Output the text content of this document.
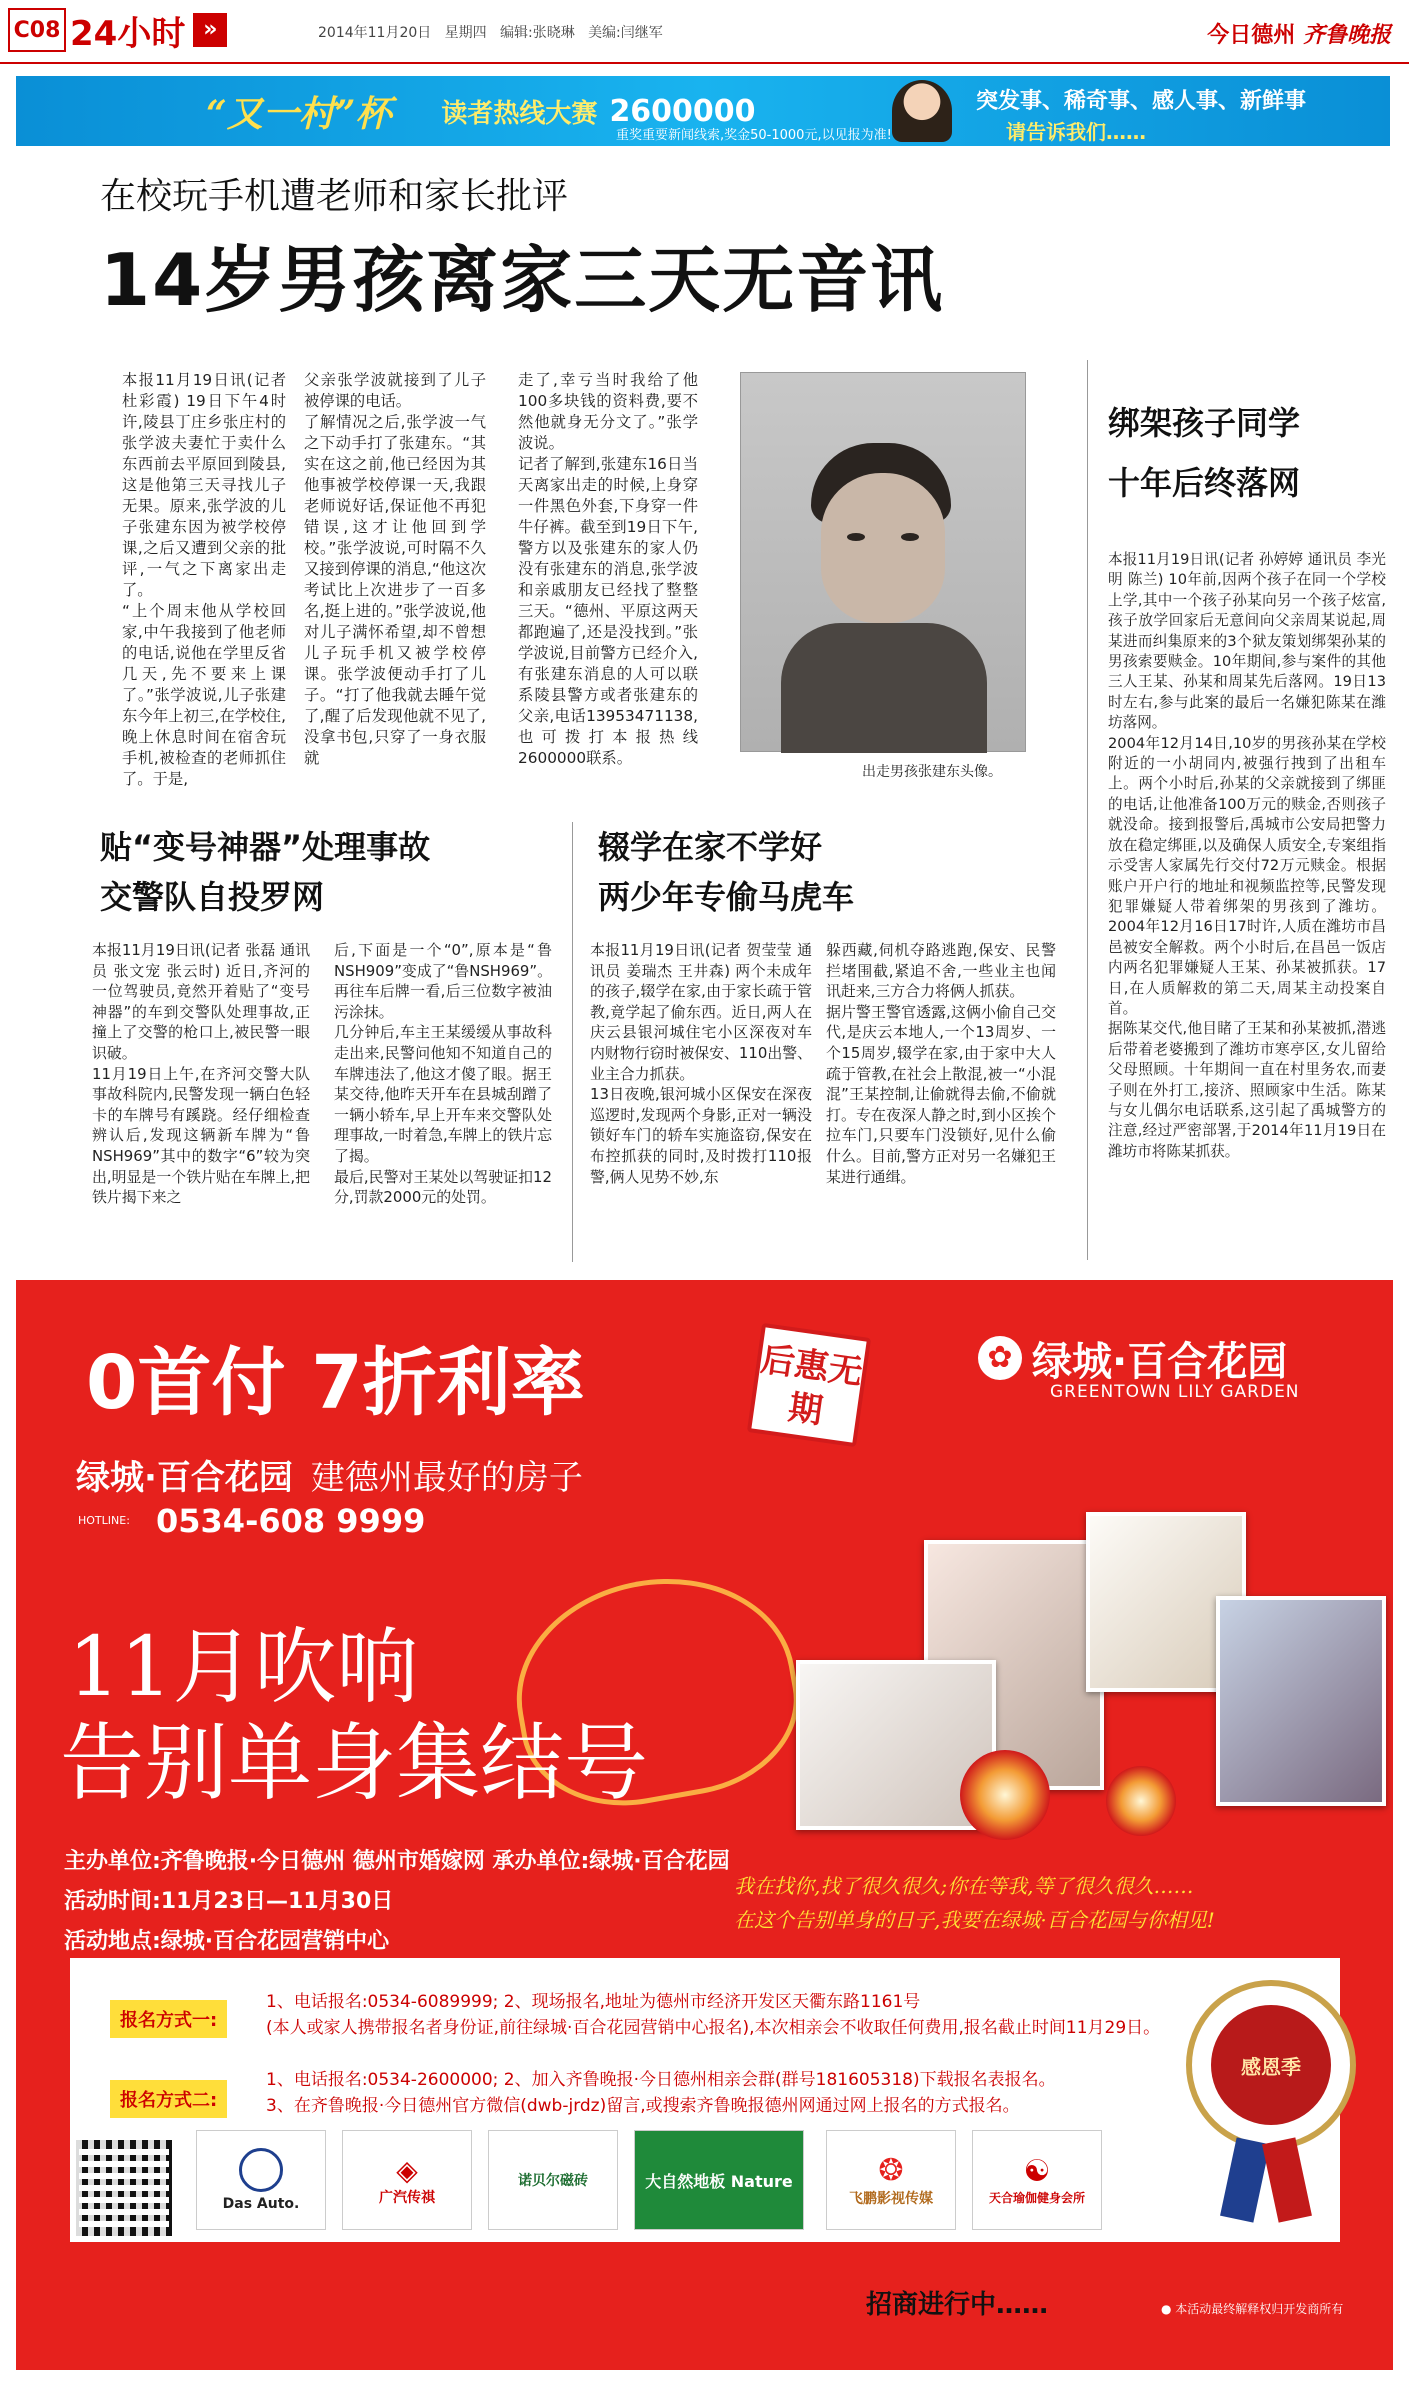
C08 24小时 »	2014年11月20日 星期四 编辑:张晓琳 美编:闫继军	今日德州 齐鲁晚报
“又一村”杯 读者热线大赛 2600000
重奖重要新闻线索,奖金50-1000元,以见报为准!
突发事、稀奇事、感人事、新鲜事
请告诉我们……
在校玩手机遭老师和家长批评
14岁男孩离家三天无音讯
本报11月19日讯(记者 杜彩霞) 19日下午4时许,陵县丁庄乡张庄村的张学波夫妻忙于卖什么东西前去平原回到陵县,这是他第三天寻找儿子无果。原来,张学波的儿子张建东因为被学校停课,之后又遭到父亲的批评,一气之下离家出走了。
“上个周末他从学校回家,中午我接到了他老师的电话,说他在学里反省几天,先不要来上课了。”张学波说,儿子张建东今年上初三,在学校住,晚上休息时间在宿舍玩手机,被检查的老师抓住了。于是,
父亲张学波就接到了儿子被停课的电话。
了解情况之后,张学波一气之下动手打了张建东。“其实在这之前,他已经因为其他事被学校停课一天,我跟老师说好话,保证他不再犯错误,这才让他回到学校。”张学波说,可时隔不久又接到停课的消息,“他这次考试比上次进步了一百多名,挺上进的。”张学波说,他对儿子满怀希望,却不曾想儿子玩手机又被学校停课。张学波便动手打了儿子。“打了他我就去睡午觉了,醒了后发现他就不见了,没拿书包,只穿了一身衣服就
走了,幸亏当时我给了他100多块钱的资料费,要不然他就身无分文了。”张学波说。
记者了解到,张建东16日当天离家出走的时候,上身穿一件黑色外套,下身穿一件牛仔裤。截至到19日下午,警方以及张建东的家人仍没有张建东的消息,张学波和亲戚朋友已经找了整整三天。“德州、平原这两天都跑遍了,还是没找到。”张学波说,目前警方已经介入,有张建东消息的人可以联系陵县警方或者张建东的父亲,电话13953471138,也可拨打本报热线2600000联系。
出走男孩张建东头像。
绑架孩子同学
十年后终落网
本报11月19日讯(记者 孙婷婷 通讯员 李光明 陈兰) 10年前,因两个孩子在同一个学校上学,其中一个孩子孙某向另一个孩子炫富,孩子放学回家后无意间向父亲周某说起,周某进而纠集原来的3个狱友策划绑架孙某的男孩索要赎金。10年期间,参与案件的其他三人王某、孙某和周某先后落网。19日13时左右,参与此案的最后一名嫌犯陈某在潍坊落网。
2004年12月14日,10岁的男孩孙某在学校附近的一小胡同内,被强行拽到了出租车上。两个小时后,孙某的父亲就接到了绑匪的电话,让他准备100万元的赎金,否则孩子就没命。接到报警后,禹城市公安局把警力放在稳定绑匪,以及确保人质安全,专案组指示受害人家属先行交付72万元赎金。根据账户开户行的地址和视频监控等,民警发现犯罪嫌疑人带着绑架的男孩到了潍坊。2004年12月16日17时许,人质在潍坊市昌邑被安全解救。两个小时后,在昌邑一饭店内两名犯罪嫌疑人王某、孙某被抓获。17日,在人质解救的第二天,周某主动投案自首。
据陈某交代,他目睹了王某和孙某被抓,潜逃后带着老婆搬到了潍坊市寒亭区,女儿留给父母照顾。十年期间一直在村里务农,而妻子则在外打工,接济、照顾家中生活。陈某与女儿偶尔电话联系,这引起了禹城警方的注意,经过严密部署,于2014年11月19日在潍坊市将陈某抓获。
贴“变号神器”处理事故
交警队自投罗网
本报11月19日讯(记者 张磊 通讯员 张文宠 张云时) 近日,齐河的一位驾驶员,竟然开着贴了“变号神器”的车到交警队处理事故,正撞上了交警的枪口上,被民警一眼识破。
11月19日上午,在齐河交警大队事故科院内,民警发现一辆白色轻卡的车牌号有蹊跷。经仔细检查辨认后,发现这辆新车牌为“鲁NSH969”其中的数字“6”较为突出,明显是一个铁片贴在车牌上,把铁片揭下来之
后,下面是一个“0”,原本是“鲁NSH909”变成了“鲁NSH969”。再往车后牌一看,后三位数字被油污涂抹。
几分钟后,车主王某缓缓从事故科走出来,民警问他知不知道自己的车牌违法了,他这才傻了眼。据王某交待,他昨天开车在县城刮蹭了一辆小轿车,早上开车来交警队处理事故,一时着急,车牌上的铁片忘了揭。
最后,民警对王某处以驾驶证扣12分,罚款2000元的处罚。
辍学在家不学好
两少年专偷马虎车
本报11月19日讯(记者 贺莹莹 通讯员 姜瑞杰 王井森) 两个未成年的孩子,辍学在家,由于家长疏于管教,竟学起了偷东西。近日,两人在庆云县银河城住宅小区深夜对车内财物行窃时被保安、110出警、业主合力抓获。
13日夜晚,银河城小区保安在深夜巡逻时,发现两个身影,正对一辆没锁好车门的轿车实施盗窃,保安在布控抓获的同时,及时拨打110报警,俩人见势不妙,东
躲西藏,伺机夺路逃跑,保安、民警拦堵围截,紧追不舍,一些业主也闻讯赶来,三方合力将俩人抓获。
据片警王警官透露,这俩小偷自己交代,是庆云本地人,一个13周岁、一个15周岁,辍学在家,由于家中大人疏于管教,在社会上散混,被一“小混混”王某控制,让偷就得去偷,不偷就打。专在夜深人静之时,到小区挨个拉车门,只要车门没锁好,见什么偷什么。目前,警方正对另一名嫌犯王某进行通缉。
0首付 7折利率	后惠无期
✿ 绿城·百合花园
GREENTOWN LILY GARDEN
绿城·百合花园 建德州最好的房子
HOTLINE: 0534-608 9999
11月吹响
告别单身集结号
主办单位:齐鲁晚报·今日德州 德州市婚嫁网 承办单位:绿城·百合花园
活动时间:11月23日—11月30日
活动地点:绿城·百合花园营销中心
我在找你,找了很久很久;你在等我,等了很久很久……
在这个告别单身的日子,我要在绿城·百合花园与你相见!
报名方式一:
1、电话报名:0534-6089999; 2、现场报名,地址为德州市经济开发区天衢东路1161号
(本人或家人携带报名者身份证,前往绿城·百合花园营销中心报名),本次相亲会不收取任何费用,报名截止时间11月29日。
报名方式二:
1、电话报名:0534-2600000; 2、加入齐鲁晚报·今日德州相亲会群(群号181605318)下载报名表报名。
3、在齐鲁晚报·今日德州官方微信(dwb-jrdz)留言,或搜索齐鲁晚报德州网通过网上报名的方式报名。
感恩季
Das Auto.
◈
广汽传祺
诺贝尔磁砖	大自然地板 Nature	❂
飞鹏影视传媒
☯
天合瑜伽健身会所
招商进行中……	● 本活动最终解释权归开发商所有
